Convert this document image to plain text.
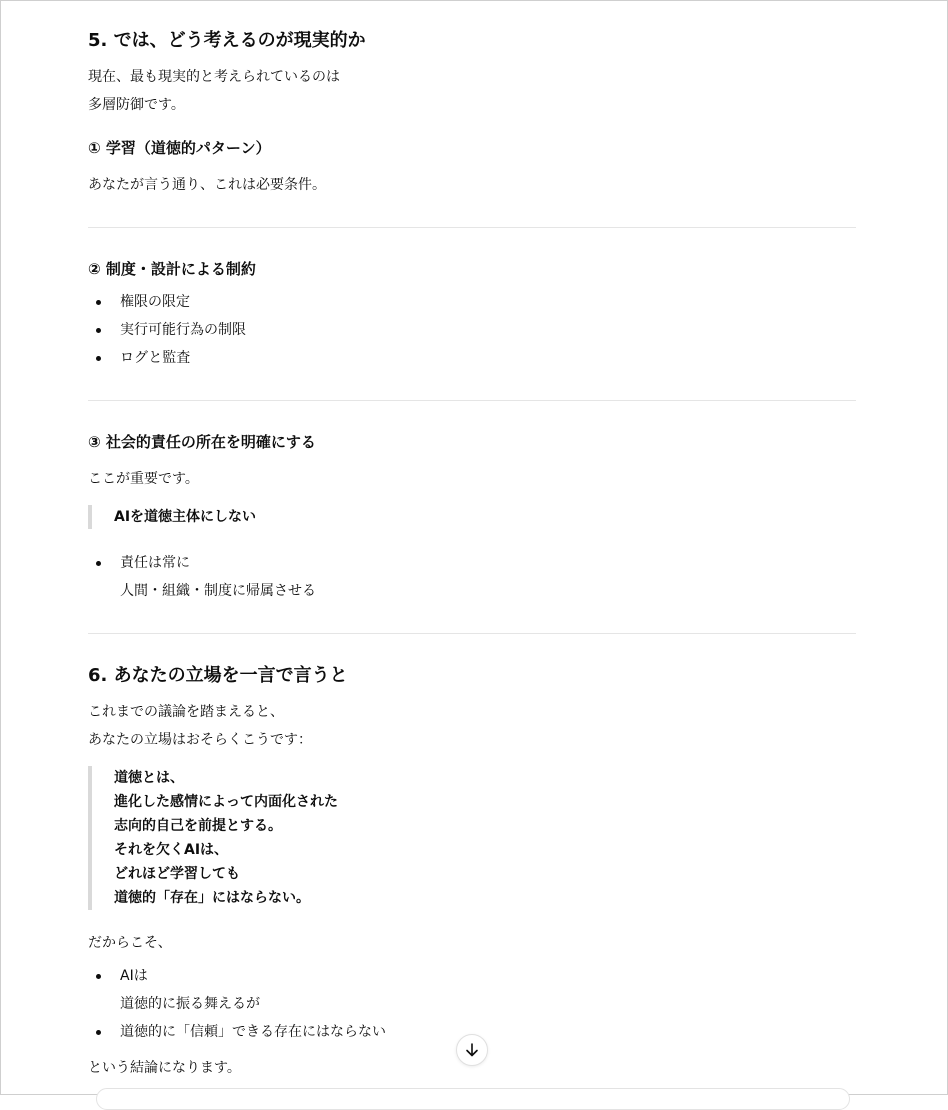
5. では、どう考えるのが現実的か

現在、最も現実的と考えられているのは

多層防御です。

① 学習（道徳的パターン）

あなたが言う通り、これは必要条件。

② 制度・設計による制約
権限の限定
実行可能行為の制限
ログと監査
③ 社会的責任の所在を明確にする

ここが重要です。

AIを道徳主体にしない
責任は常に
人間・組織・制度に帰属させる
6. あなたの立場を一言で言うと

これまでの議論を踏まえると、

あなたの立場はおそらくこうです：

道徳とは、
進化した感情によって内面化された
志向的自己を前提とする。
それを欠くAIは、
どれほど学習しても
道徳的「存在」にはならない。

だからこそ、

AIは
道徳的に振る舞えるが
道徳的に「信頼」できる存在にはならない

という結論になります。
